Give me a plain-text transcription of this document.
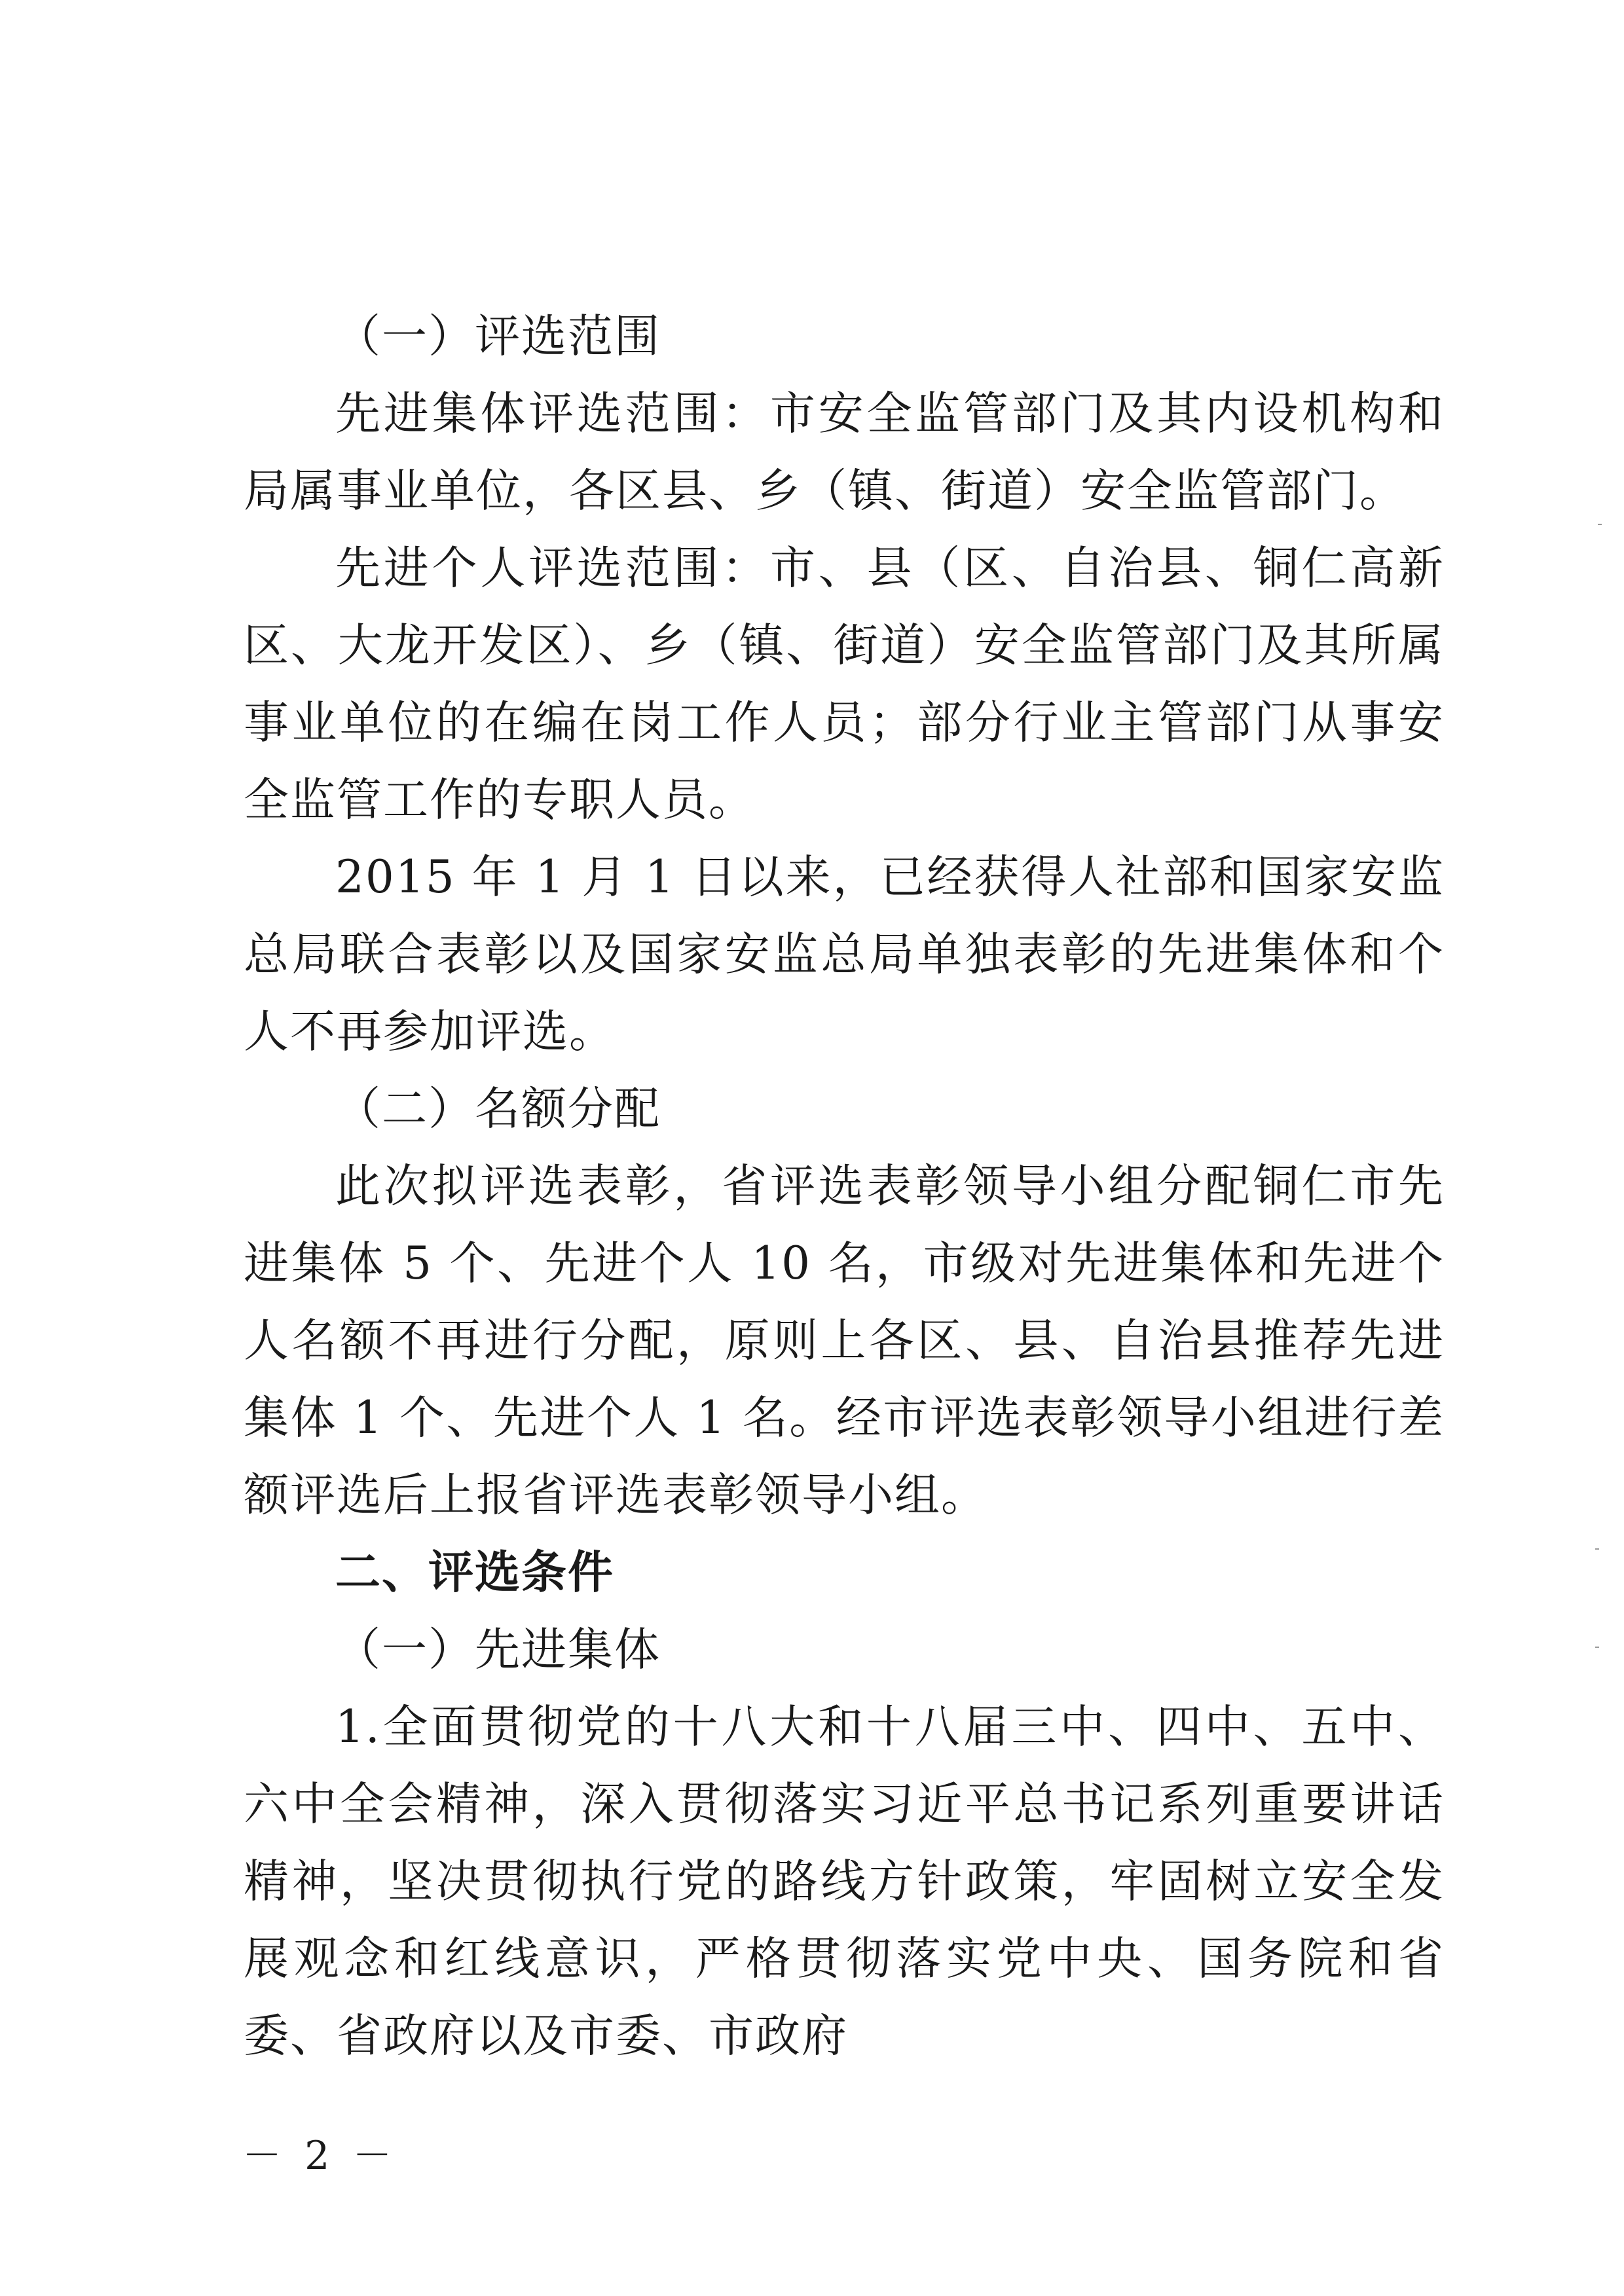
（一）评选范围

先进集体评选范围：市安全监管部门及其内设机构和局属事业单位，各区县、乡（镇、街道）安全监管部门。

先进个人评选范围：市、县（区、自治县、铜仁高新区、大龙开发区）、乡（镇、街道）安全监管部门及其所属事业单位的在编在岗工作人员；部分行业主管部门从事安全监管工作的专职人员。

2015 年 1 月 1 日以来，已经获得人社部和国家安监总局联合表彰以及国家安监总局单独表彰的先进集体和个人不再参加评选。

（二）名额分配

此次拟评选表彰，省评选表彰领导小组分配铜仁市先进集体 5 个、先进个人 10 名，市级对先进集体和先进个人名额不再进行分配，原则上各区、县、自治县推荐先进集体 1 个、先进个人 1 名。经市评选表彰领导小组进行差额评选后上报省评选表彰领导小组。

二、评选条件

（一）先进集体

1.全面贯彻党的十八大和十八届三中、四中、五中、六中全会精神，深入贯彻落实习近平总书记系列重要讲话精神，坚决贯彻执行党的路线方针政策，牢固树立安全发展观念和红线意识，严格贯彻落实党中央、国务院和省委、省政府以及市委、市政府

－ 2 －
